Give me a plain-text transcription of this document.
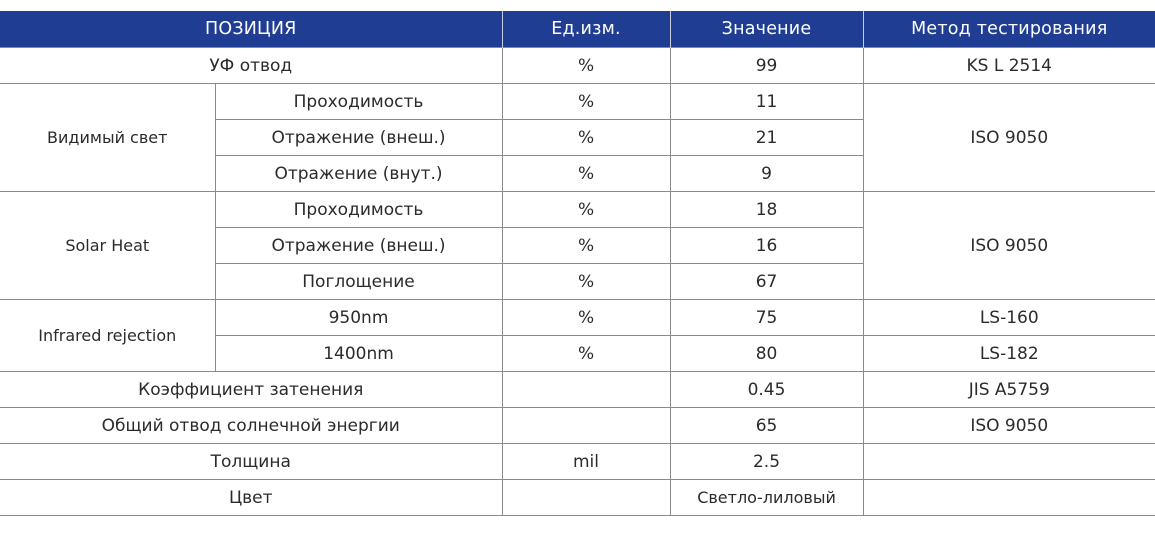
ПОЗИЦИЯ		Ед.изм.	Значение	Метод тестирования
УФ отвод		%	99	KS L 2514
Видимый свет	Проходимость	%	11	ISO 9050
	Отражение (внеш.)	%	21	
	Отражение (внут.)	%	9	
Solar Heat	Проходимость	%	18	ISO 9050
	Отражение (внеш.)	%	16	
	Поглощение	%	67	
Infrared rejection	950nm	%	75	LS-160
	1400nm	%	80	LS-182
Коэффициент затенения			0.45	JIS A5759
Общий отвод солнечной энергии			65	ISO 9050
Толщина		mil	2.5	
Цвет			Светло-лиловый	
